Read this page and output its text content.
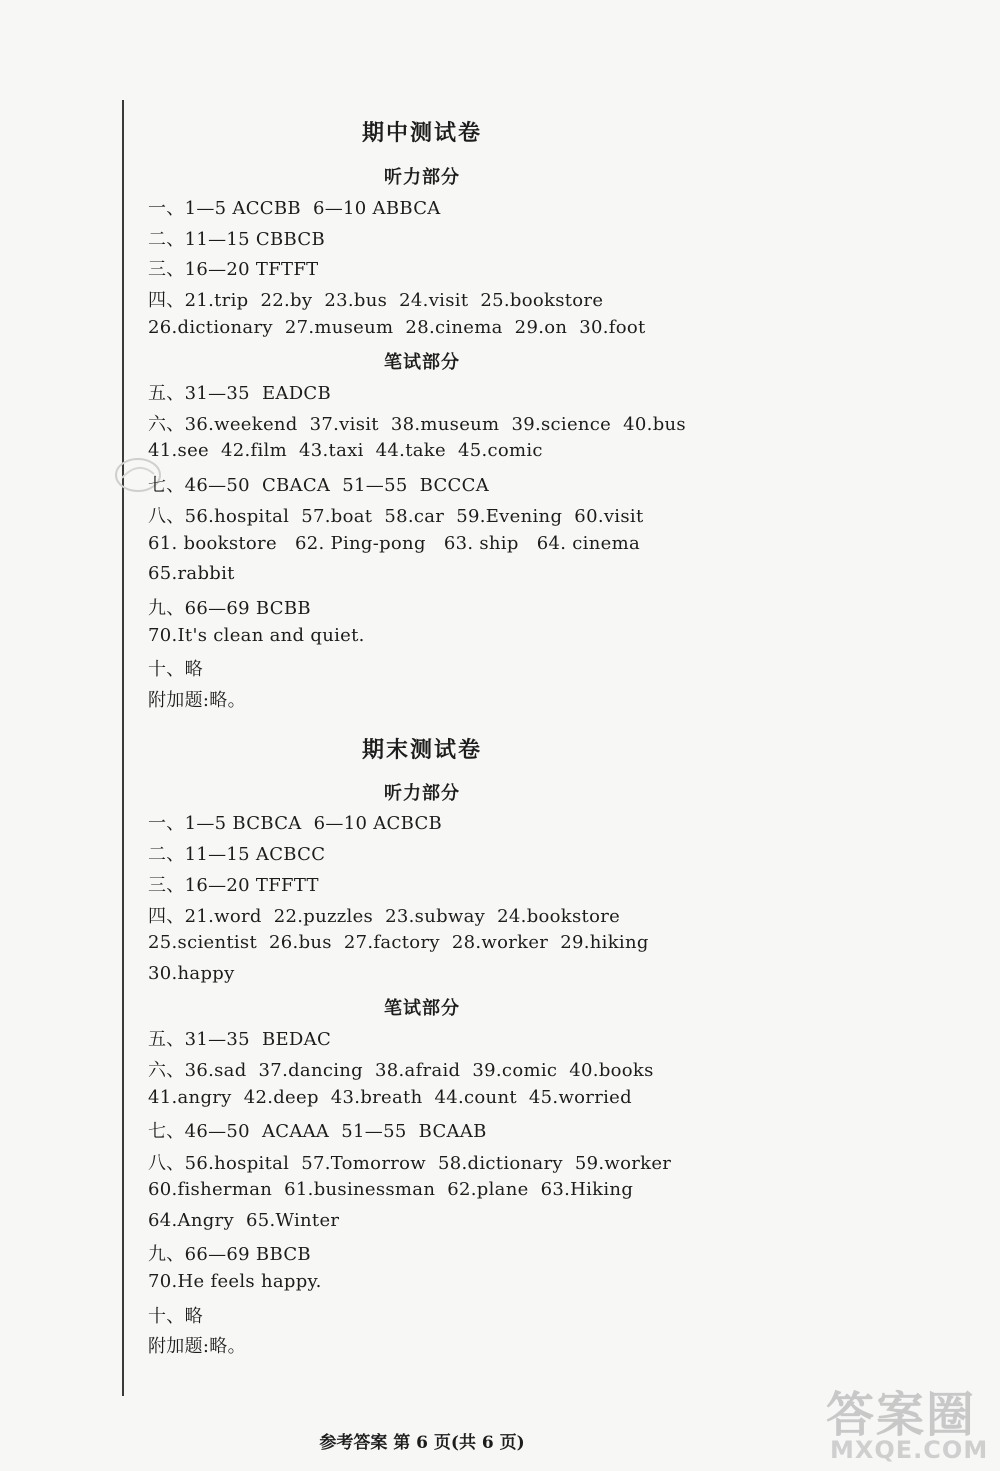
期中测试卷
听力部分
一、1—5 ACCBB  6—10 ABBCA
二、11—15 CBBCB
三、16—20 TFTFT
四、21.trip  22.by  23.bus  24.visit  25.bookstore
26.dictionary  27.museum  28.cinema  29.on  30.foot
笔试部分
五、31—35  EADCB
六、36.weekend  37.visit  38.museum  39.science  40.bus
41.see  42.film  43.taxi  44.take  45.comic
七、46—50  CBACA  51—55  BCCCA
八、56.hospital  57.boat  58.car  59.Evening  60.visit
61. bookstore   62. Ping-pong   63. ship   64. cinema
65.rabbit
九、66—69 BCBB
70.It's clean and quiet.
十、略
附加题:略。
期末测试卷
听力部分
一、1—5 BCBCA  6—10 ACBCB
二、11—15 ACBCC
三、16—20 TFFTT
四、21.word  22.puzzles  23.subway  24.bookstore
25.scientist  26.bus  27.factory  28.worker  29.hiking
30.happy
笔试部分
五、31—35  BEDAC
六、36.sad  37.dancing  38.afraid  39.comic  40.books
41.angry  42.deep  43.breath  44.count  45.worried
七、46—50  ACAAA  51—55  BCAAB
八、56.hospital  57.Tomorrow  58.dictionary  59.worker
60.fisherman  61.businessman  62.plane  63.Hiking
64.Angry  65.Winter
九、66—69 BBCB
70.He feels happy.
十、略
附加题:略。
参考答案 第 6 页(共 6 页)	答案圈
MXQE.COM
